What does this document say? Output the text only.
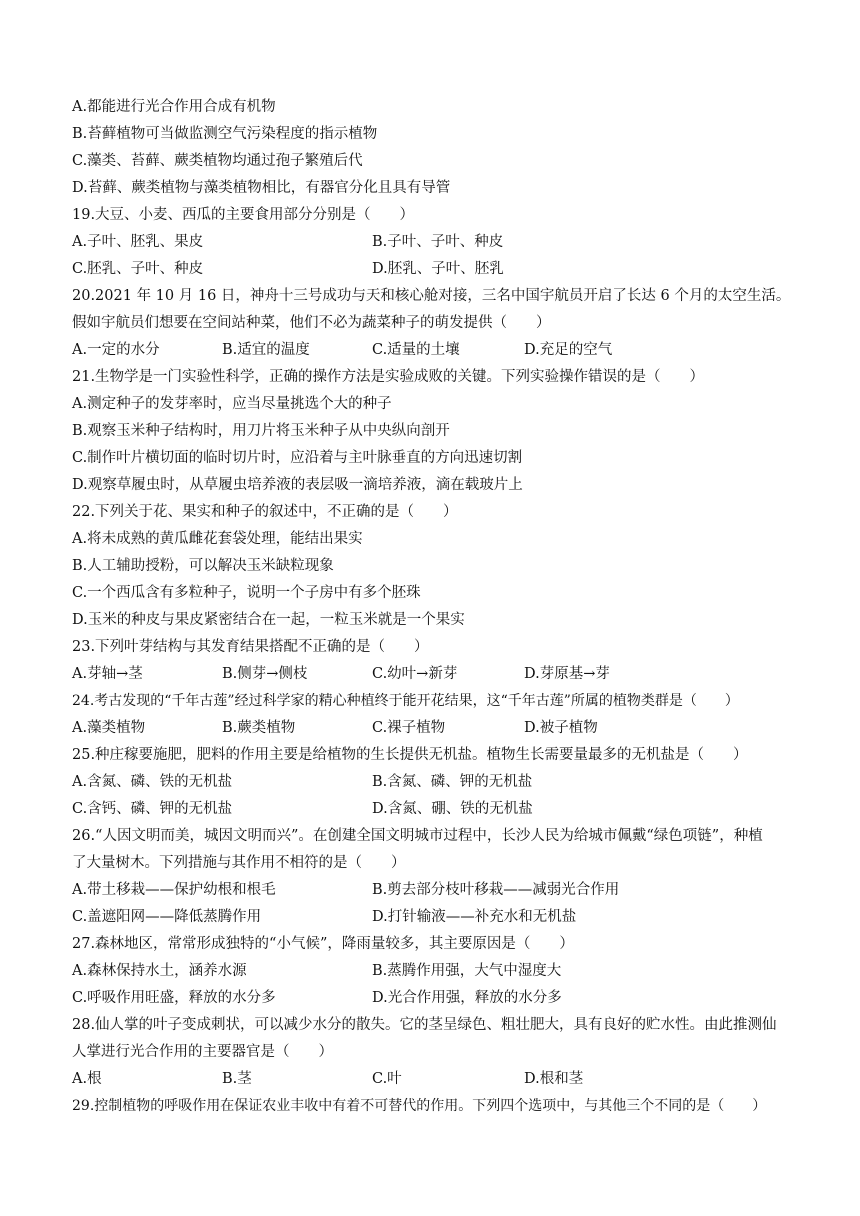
A.都能进行光合作用合成有机物
B.苔藓植物可当做监测空气污染程度的指示植物
C.藻类、苔藓、蕨类植物均通过孢子繁殖后代
D.苔藓、蕨类植物与藻类植物相比，有器官分化且具有导管
19.大豆、小麦、西瓜的主要食用部分分别是（　　）
A.子叶、胚乳、果皮	B.子叶、子叶、种皮
C.胚乳、子叶、种皮	D.胚乳、子叶、胚乳
20.2021 年 10 月 16 日，神舟十三号成功与天和核心舱对接，三名中国宇航员开启了长达 6 个月的太空生活。
假如宇航员们想要在空间站种菜，他们不必为蔬菜种子的萌发提供（　　）
A.一定的水分	B.适宜的温度	C.适量的土壤	D.充足的空气
21.生物学是一门实验性科学，正确的操作方法是实验成败的关键。下列实验操作错误的是（　　）
A.测定种子的发芽率时，应当尽量挑选个大的种子
B.观察玉米种子结构时，用刀片将玉米种子从中央纵向剖开
C.制作叶片横切面的临时切片时，应沿着与主叶脉垂直的方向迅速切割
D.观察草履虫时，从草履虫培养液的表层吸一滴培养液，滴在载玻片上
22.下列关于花、果实和种子的叙述中，不正确的是（　　）
A.将未成熟的黄瓜雌花套袋处理，能结出果实
B.人工辅助授粉，可以解决玉米缺粒现象
C.一个西瓜含有多粒种子，说明一个子房中有多个胚珠
D.玉米的种皮与果皮紧密结合在一起，一粒玉米就是一个果实
23.下列叶芽结构与其发育结果搭配不正确的是（　　）
A.芽轴→茎	B.侧芽→侧枝	C.幼叶→新芽	D.芽原基→芽
24.考古发现的“千年古莲”经过科学家的精心种植终于能开花结果，这“千年古莲”所属的植物类群是（　　）
A.藻类植物	B.蕨类植物	C.裸子植物	D.被子植物
25.种庄稼要施肥，肥料的作用主要是给植物的生长提供无机盐。植物生长需要量最多的无机盐是（　　）
A.含氮、磷、铁的无机盐	B.含氮、磷、钾的无机盐
C.含钙、磷、钾的无机盐	D.含氮、硼、铁的无机盐
26.“人因文明而美，城因文明而兴”。在创建全国文明城市过程中，长沙人民为给城市佩戴“绿色项链”，种植
了大量树木。下列措施与其作用不相符的是（　　）
A.带土移栽——保护幼根和根毛	B.剪去部分枝叶移栽——减弱光合作用
C.盖遮阳网——降低蒸腾作用	D.打针输液——补充水和无机盐
27.森林地区，常常形成独特的“小气候”，降雨量较多，其主要原因是（　　）
A.森林保持水土，涵养水源	B.蒸腾作用强，大气中湿度大
C.呼吸作用旺盛，释放的水分多	D.光合作用强，释放的水分多
28.仙人掌的叶子变成刺状，可以减少水分的散失。它的茎呈绿色、粗壮肥大，具有良好的贮水性。由此推测仙
人掌进行光合作用的主要器官是（　　）
A.根	B.茎	C.叶	D.根和茎
29.控制植物的呼吸作用在保证农业丰收中有着不可替代的作用。下列四个选项中，与其他三个不同的是（　　）
